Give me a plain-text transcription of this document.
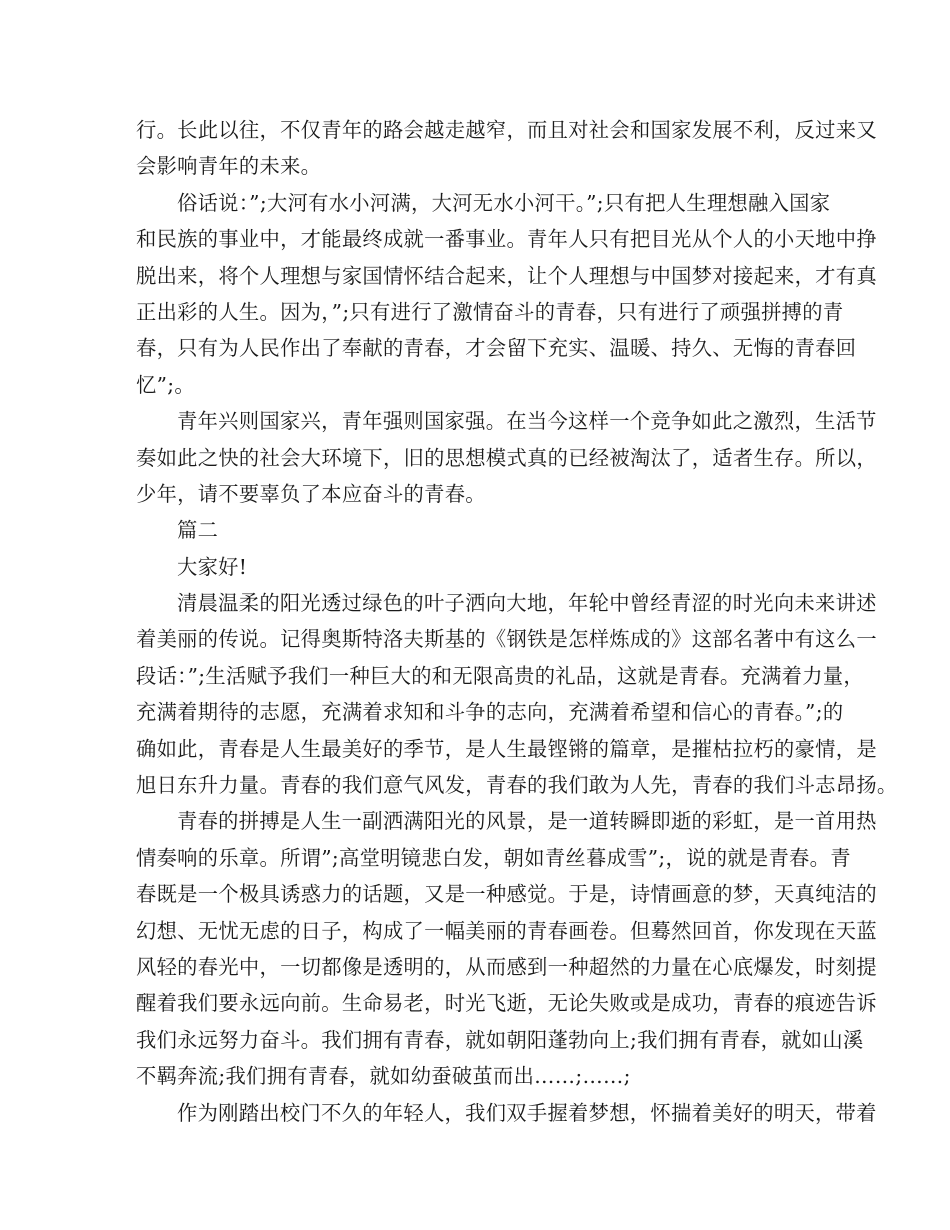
行。长此以往，不仅青年的路会越走越窄，而且对社会和国家发展不利，反过来又
会影响青年的未来。
俗话说：”;大河有水小河满，大河无水小河干。”;只有把人生理想融入国家
和民族的事业中，才能最终成就一番事业。青年人只有把目光从个人的小天地中挣
脱出来，将个人理想与家国情怀结合起来，让个人理想与中国梦对接起来，才有真
正出彩的人生。因为，”;只有进行了激情奋斗的青春，只有进行了顽强拼搏的青
春，只有为人民作出了奉献的青春，才会留下充实、温暖、持久、无悔的青春回
忆”;。
青年兴则国家兴，青年强则国家强。在当今这样一个竞争如此之激烈，生活节
奏如此之快的社会大环境下，旧的思想模式真的已经被淘汰了，适者生存。所以，
少年，请不要辜负了本应奋斗的青春。
篇二
大家好!
清晨温柔的阳光透过绿色的叶子洒向大地，年轮中曾经青涩的时光向未来讲述
着美丽的传说。记得奥斯特洛夫斯基的《钢铁是怎样炼成的》这部名著中有这么一
段话：”;生活赋予我们一种巨大的和无限高贵的礼品，这就是青春。充满着力量，
充满着期待的志愿，充满着求知和斗争的志向，充满着希望和信心的青春。”;的
确如此，青春是人生最美好的季节，是人生最铿锵的篇章，是摧枯拉朽的豪情，是
旭日东升力量。青春的我们意气风发，青春的我们敢为人先，青春的我们斗志昂扬。
青春的拼搏是人生一副洒满阳光的风景，是一道转瞬即逝的彩虹，是一首用热
情奏响的乐章。所谓”;高堂明镜悲白发，朝如青丝暮成雪”;，说的就是青春。青
春既是一个极具诱惑力的话题，又是一种感觉。于是，诗情画意的梦，天真纯洁的
幻想、无忧无虑的日子，构成了一幅美丽的青春画卷。但蓦然回首，你发现在天蓝
风轻的春光中，一切都像是透明的，从而感到一种超然的力量在心底爆发，时刻提
醒着我们要永远向前。生命易老，时光飞逝，无论失败或是成功，青春的痕迹告诉
我们永远努力奋斗。我们拥有青春，就如朝阳蓬勃向上;我们拥有青春，就如山溪
不羁奔流;我们拥有青春，就如幼蚕破茧而出……;……;
作为刚踏出校门不久的年轻人，我们双手握着梦想，怀揣着美好的明天，带着
